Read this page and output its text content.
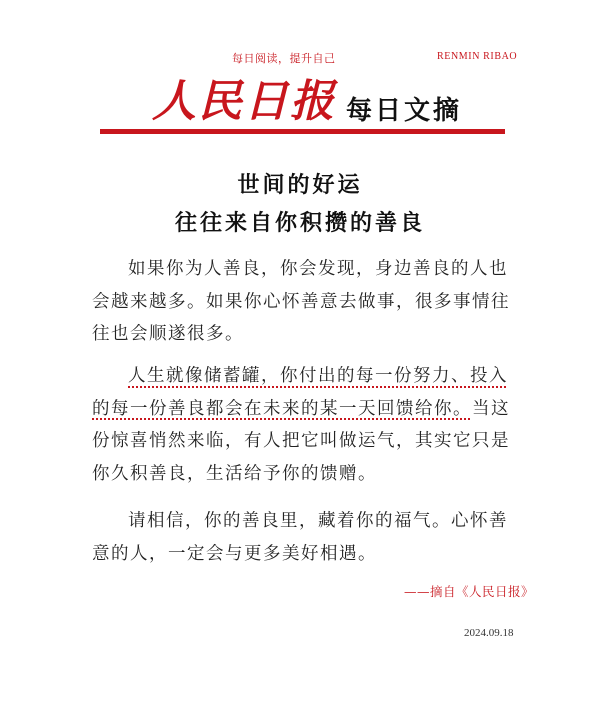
每日阅读，提升自己	RENMIN RIBAO
人民日报 每日文摘
世间的好运
往往来自你积攒的善良

如果你为人善良，你会发现，身边善良的人也会越来越多。如果你心怀善意去做事，很多事情往往也会顺遂很多。

人生就像储蓄罐，你付出的每一份努力、投入的每一份善良都会在未来的某一天回馈给你。当这份惊喜悄然来临，有人把它叫做运气，其实它只是你久积善良，生活给予你的馈赠。

请相信，你的善良里，藏着你的福气。心怀善意的人，一定会与更多美好相遇。

——摘自《人民日报》
2024.09.18
